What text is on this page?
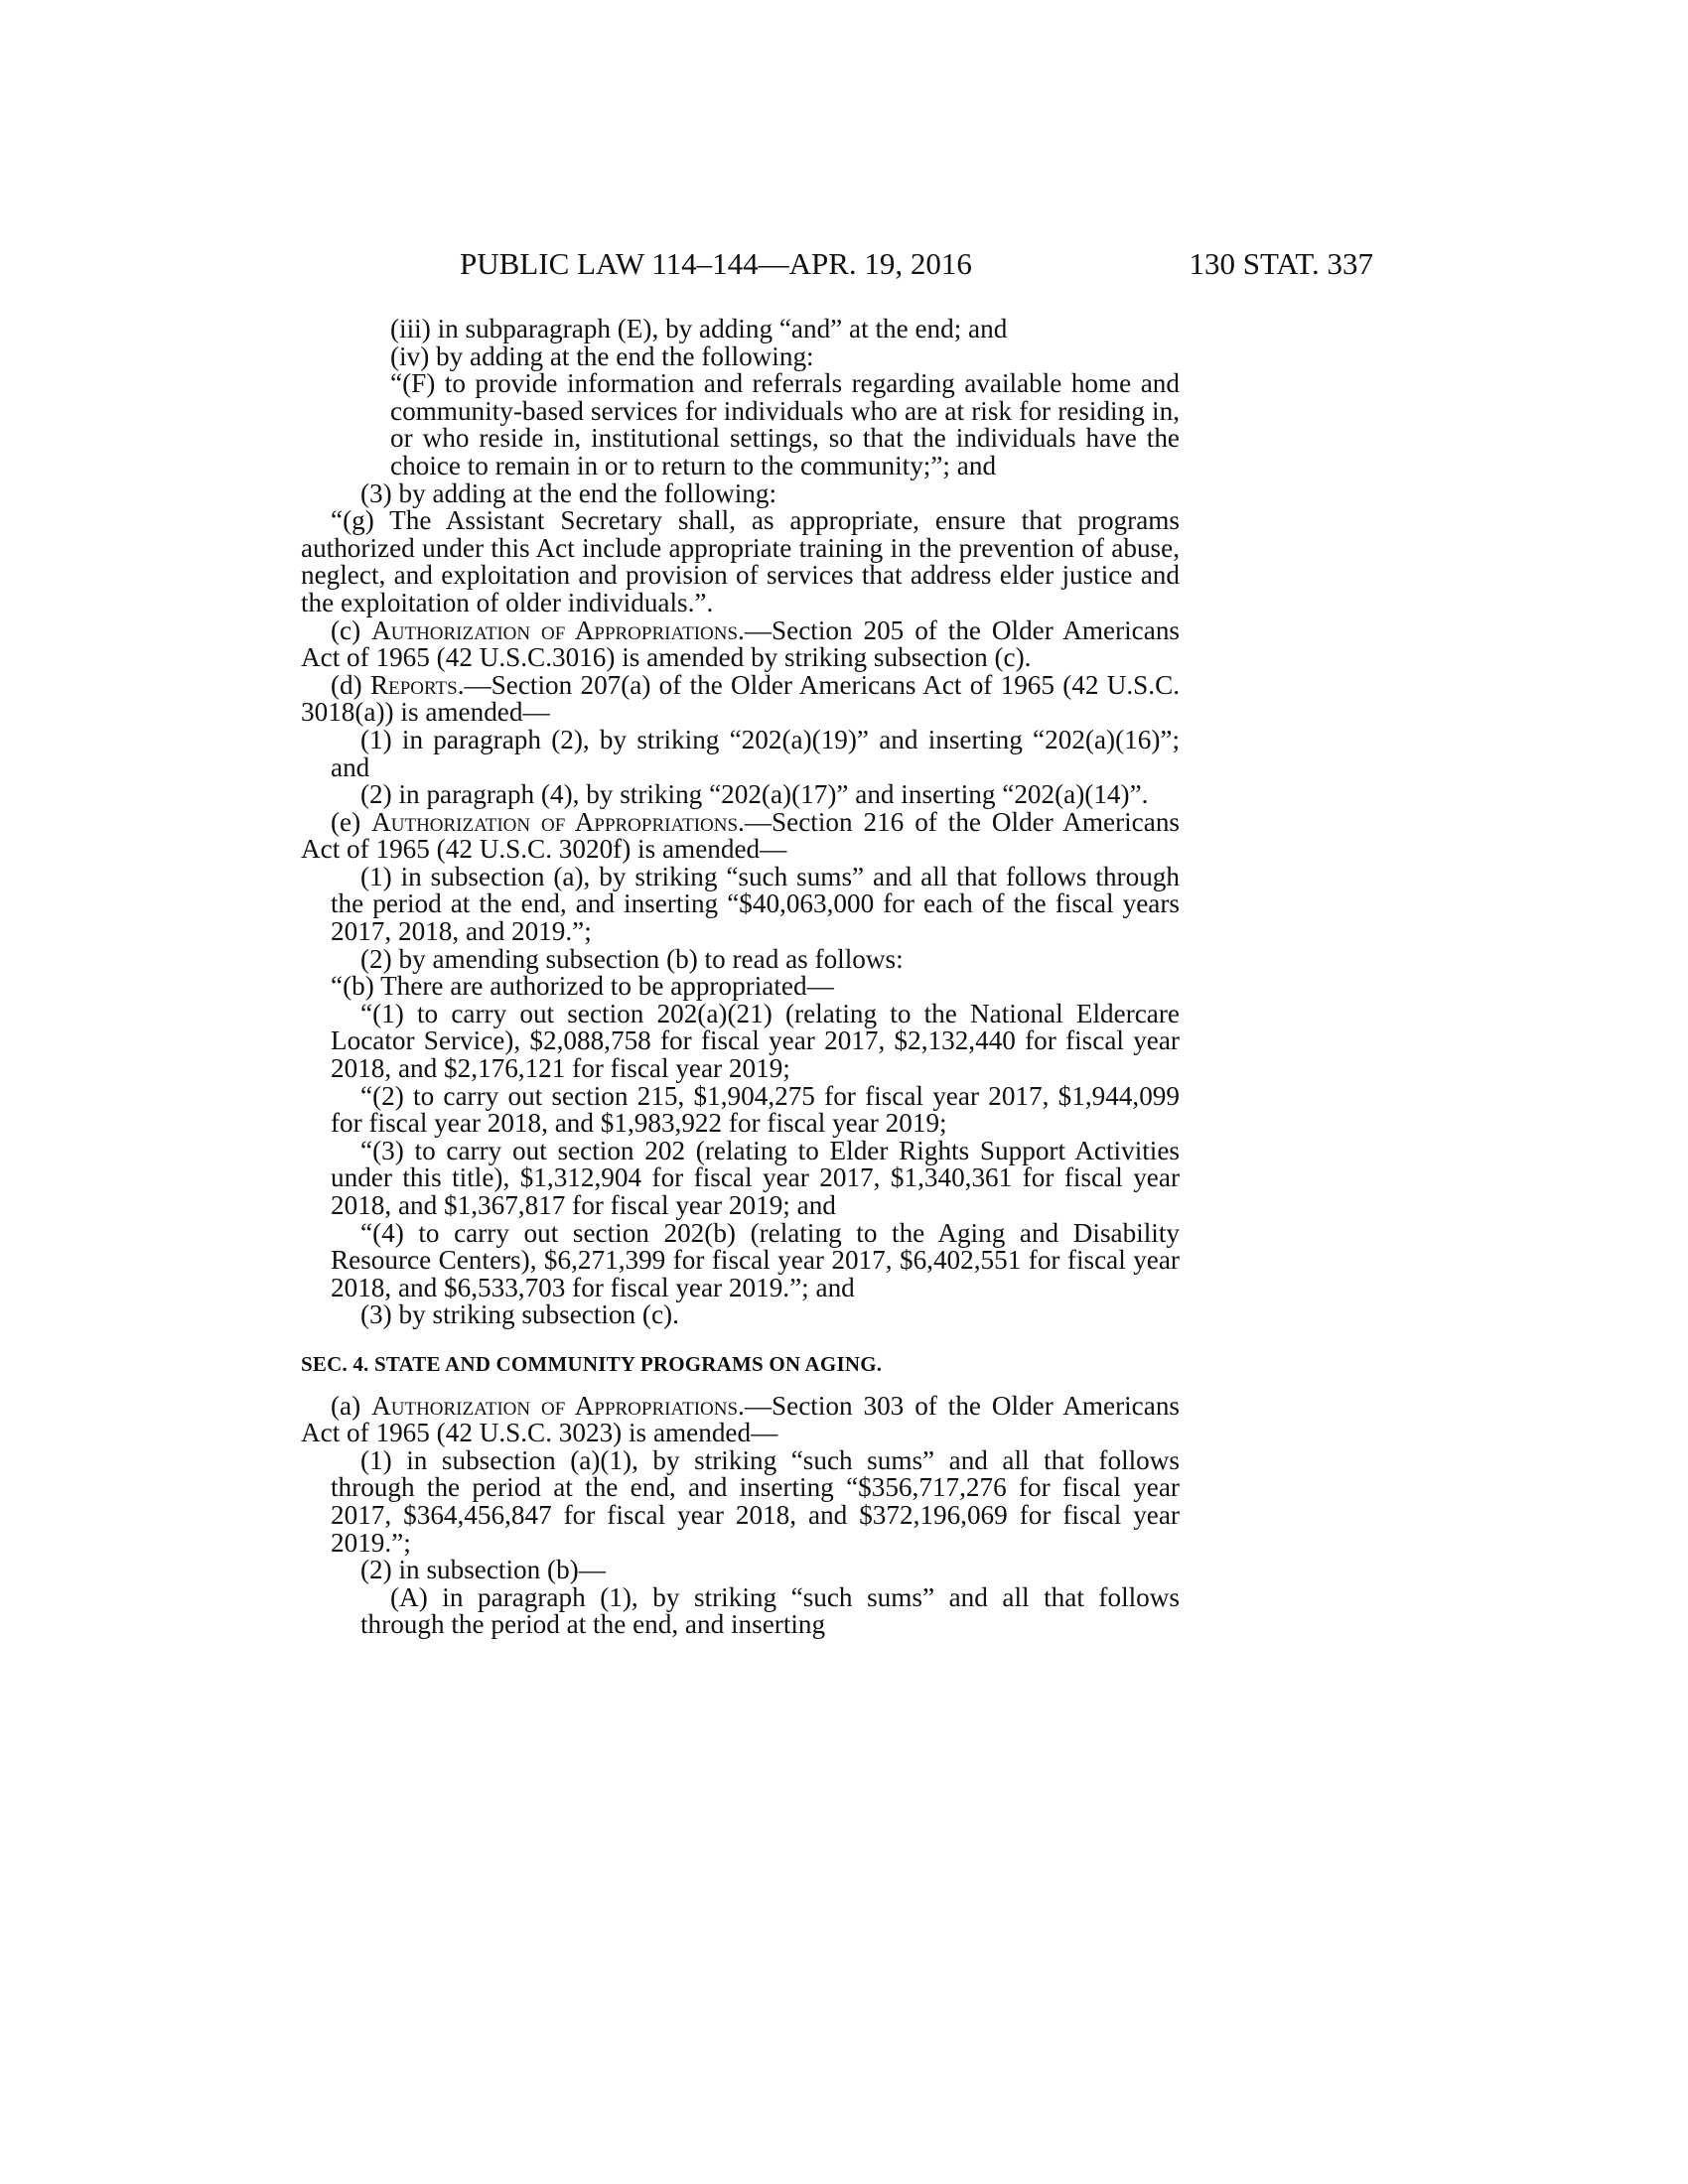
PUBLIC LAW 114–144—APR. 19, 2016	130 STAT. 337

(iii) in subparagraph (E), by adding “and” at the end; and

(iv) by adding at the end the following:

“(F) to provide information and referrals regarding available home and community-based services for individuals who are at risk for residing in, or who reside in, institutional settings, so that the individuals have the choice to remain in or to return to the community;”; and

(3) by adding at the end the following:

“(g) The Assistant Secretary shall, as appropriate, ensure that programs authorized under this Act include appropriate training in the prevention of abuse, neglect, and exploitation and provision of services that address elder justice and the exploitation of older individuals.”.

(c) Authorization of Appropriations.—Section 205 of the Older Americans Act of 1965 (42 U.S.C.3016) is amended by striking subsection (c).

(d) Reports.—Section 207(a) of the Older Americans Act of 1965 (42 U.S.C. 3018(a)) is amended—

(1) in paragraph (2), by striking “202(a)(19)” and inserting “202(a)(16)”; and

(2) in paragraph (4), by striking “202(a)(17)” and inserting “202(a)(14)”.

(e) Authorization of Appropriations.—Section 216 of the Older Americans Act of 1965 (42 U.S.C. 3020f) is amended—

(1) in subsection (a), by striking “such sums” and all that follows through the period at the end, and inserting “$40,063,000 for each of the fiscal years 2017, 2018, and 2019.”;

(2) by amending subsection (b) to read as follows:

“(b) There are authorized to be appropriated—

“(1) to carry out section 202(a)(21) (relating to the National Eldercare Locator Service), $2,088,758 for fiscal year 2017, $2,132,440 for fiscal year 2018, and $2,176,121 for fiscal year 2019;

“(2) to carry out section 215, $1,904,275 for fiscal year 2017, $1,944,099 for fiscal year 2018, and $1,983,922 for fiscal year 2019;

“(3) to carry out section 202 (relating to Elder Rights Support Activities under this title), $1,312,904 for fiscal year 2017, $1,340,361 for fiscal year 2018, and $1,367,817 for fiscal year 2019; and

“(4) to carry out section 202(b) (relating to the Aging and Disability Resource Centers), $6,271,399 for fiscal year 2017, $6,402,551 for fiscal year 2018, and $6,533,703 for fiscal year 2019.”; and

(3) by striking subsection (c).

SEC. 4. STATE AND COMMUNITY PROGRAMS ON AGING.

(a) Authorization of Appropriations.—Section 303 of the Older Americans Act of 1965 (42 U.S.C. 3023) is amended—

(1) in subsection (a)(1), by striking “such sums” and all that follows through the period at the end, and inserting “$356,717,276 for fiscal year 2017, $364,456,847 for fiscal year 2018, and $372,196,069 for fiscal year 2019.”;

(2) in subsection (b)—

(A) in paragraph (1), by striking “such sums” and all that follows through the period at the end, and inserting
